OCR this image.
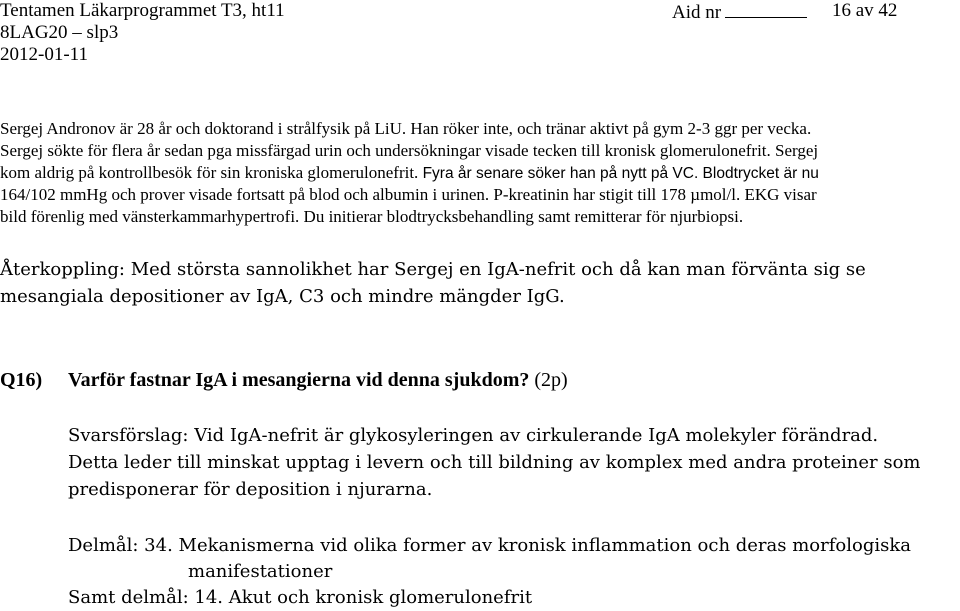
Tentamen Läkarprogrammet T3, ht11	Aid nr	16 av 42
8LAG20 – slp3
2012-01-11
Sergej Andronov är 28 år och doktorand i strålfysik på LiU. Han röker inte, och tränar aktivt på gym 2-3 ggr per vecka.
Sergej sökte för flera år sedan pga missfärgad urin och undersökningar visade tecken till kronisk glomerulonefrit. Sergej
kom aldrig på kontrollbesök för sin kroniska glomerulonefrit. Fyra år senare söker han på nytt på VC. Blodtrycket är nu
164/102 mmHg och prover visade fortsatt på blod och albumin i urinen. P-kreatinin har stigit till 178 µmol/l. EKG visar
bild förenlig med vänsterkammarhypertrofi. Du initierar blodtrycksbehandling samt remitterar för njurbiopsi.
Återkoppling: Med största sannolikhet har Sergej en IgA-nefrit och då kan man förvänta sig se
mesangiala depositioner av IgA, C3 och mindre mängder IgG.
Q16) Varför fastnar IgA i mesangierna vid denna sjukdom? (2p)
Svarsförslag: Vid IgA-nefrit är glykosyleringen av cirkulerande IgA molekyler förändrad.
Detta leder till minskat upptag i levern och till bildning av komplex med andra proteiner som
predisponerar för deposition i njurarna.
Delmål: 34. Mekanismerna vid olika former av kronisk inflammation och deras morfologiska
manifestationer
Samt delmål: 14. Akut och kronisk glomerulonefrit
